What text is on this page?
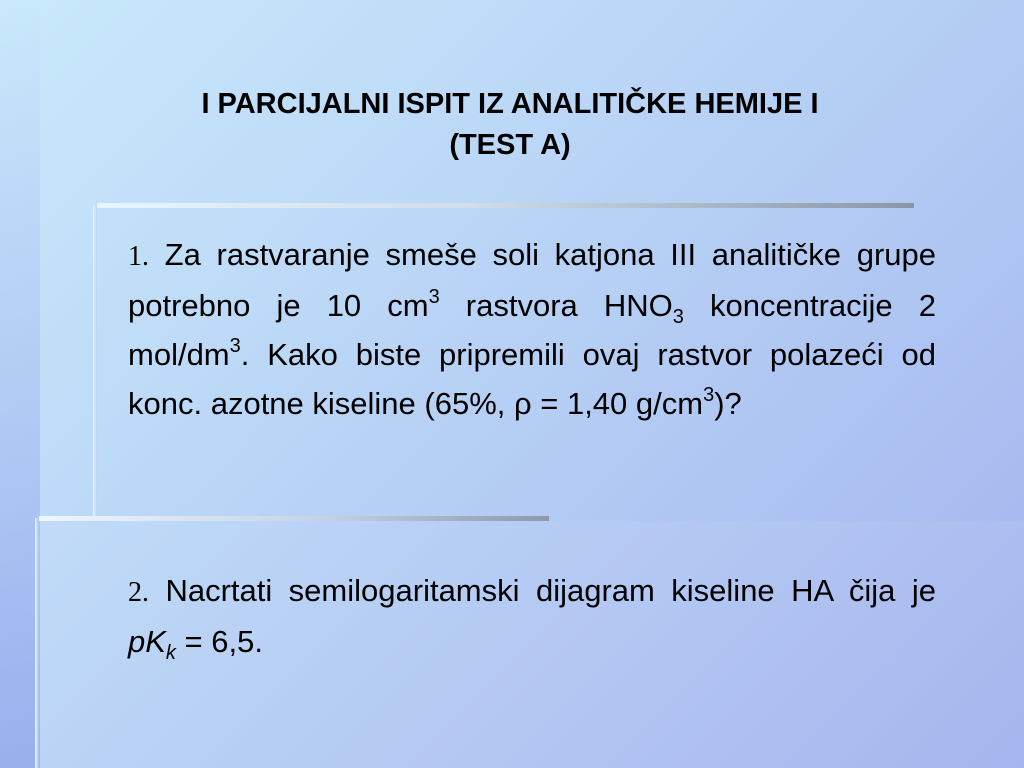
I PARCIJALNI ISPIT IZ ANALITIČKE HEMIJE I
(TEST A)
1. Za rastvaranje smeše soli katjona III analitičke grupe potrebno je 10 $cm^3$ rastvora $HNO_3$ koncentracije 2 mol/$dm^3$. Kako biste pripremili ovaj rastvor polazeći od konc. azotne kiseline (65%, ρ = 1,40 $g/cm^3$)?
2. Nacrtati semilogaritamski dijagram kiseline HA čija je $pK_k = 6,5$.
